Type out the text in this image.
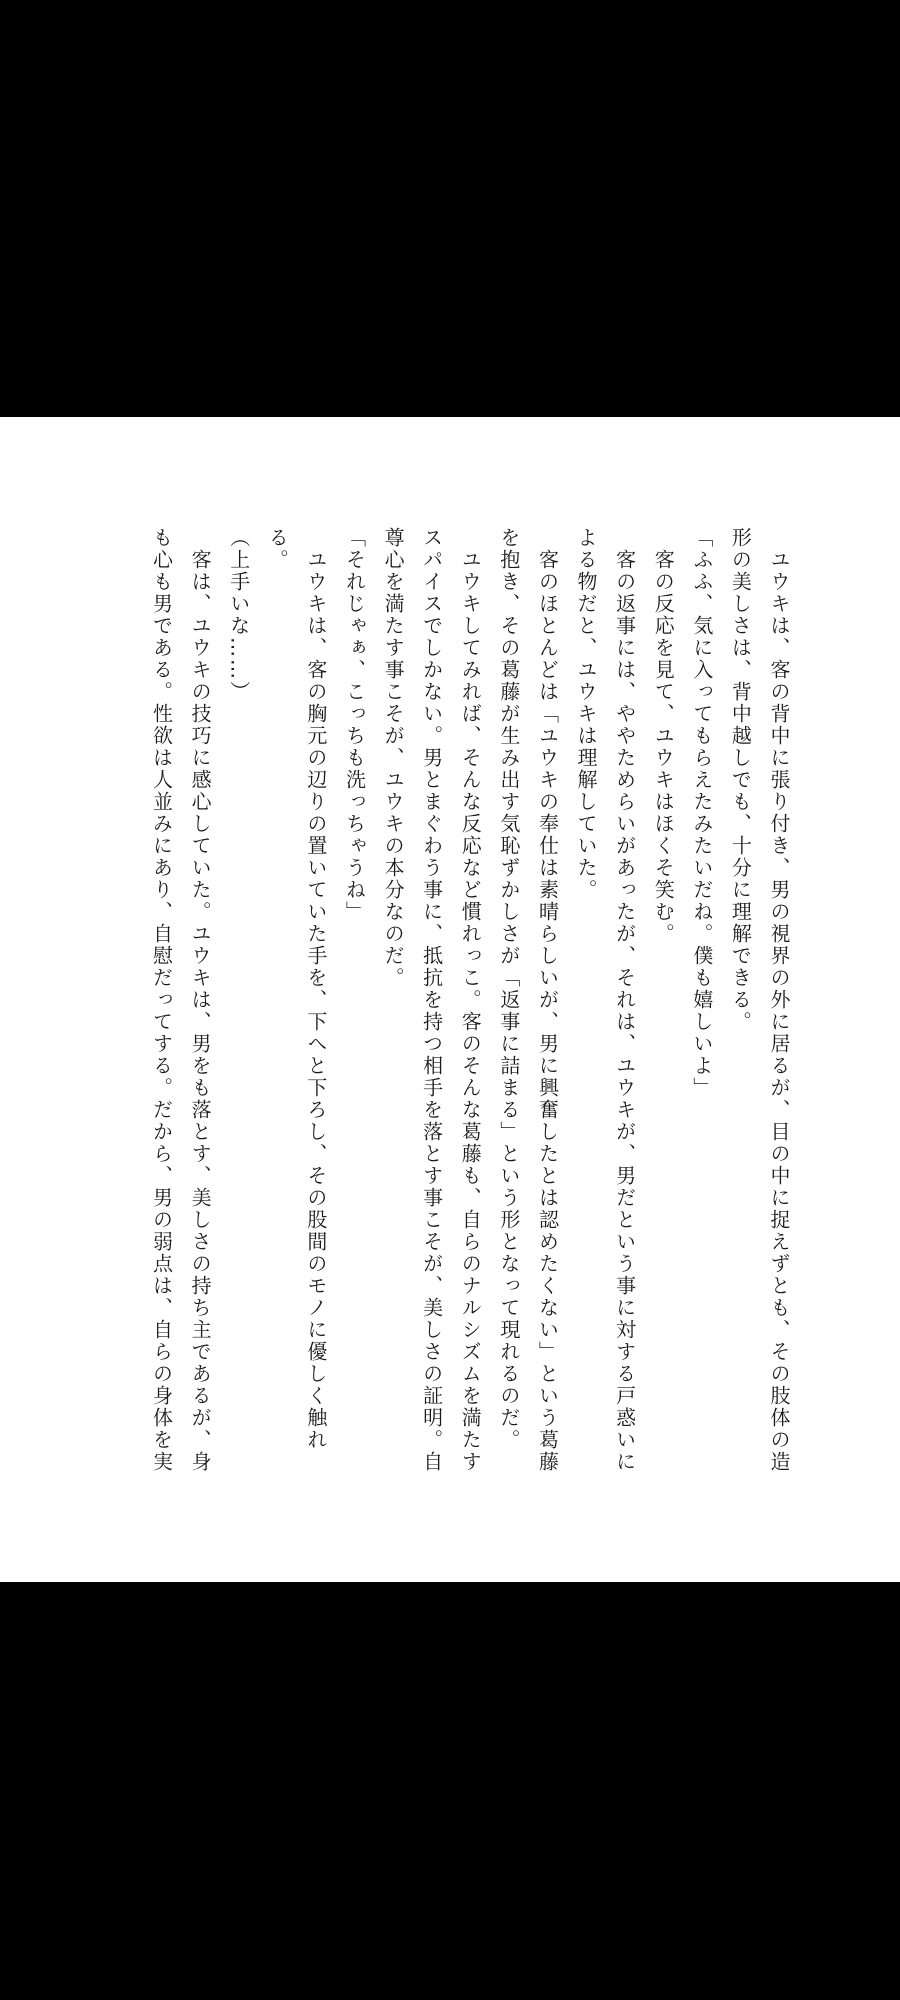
　ユウキは、客の背中に張り付き、男の視界の外に居るが、目の中に捉えずとも、その肢体の造
形の美しさは、背中越しでも、十分に理解できる。
「ふふ、気に入ってもらえたみたいだね。僕も嬉しいよ」
　客の反応を見て、ユウキはほくそ笑む。
　客の返事には、ややためらいがあったが、それは、ユウキが、男だという事に対する戸惑いに
よる物だと、ユウキは理解していた。
　客のほとんどは「ユウキの奉仕は素晴らしいが、男に興奮したとは認めたくない」という葛藤
を抱き、その葛藤が生み出す気恥ずかしさが「返事に詰まる」という形となって現れるのだ。
　ユウキしてみれば、そんな反応など慣れっこ。客のそんな葛藤も、自らのナルシズムを満たす
スパイスでしかない。男とまぐわう事に、抵抗を持つ相手を落とす事こそが、美しさの証明。自
尊心を満たす事こそが、ユウキの本分なのだ。
「それじゃぁ、こっちも洗っちゃうね」
　ユウキは、客の胸元の辺りの置いていた手を、下へと下ろし、その股間のモノに優しく触れ
る。
（上手いな……）
　客は、ユウキの技巧に感心していた。ユウキは、男をも落とす、美しさの持ち主であるが、身
も心も男である。性欲は人並みにあり、自慰だってする。だから、男の弱点は、自らの身体を実
